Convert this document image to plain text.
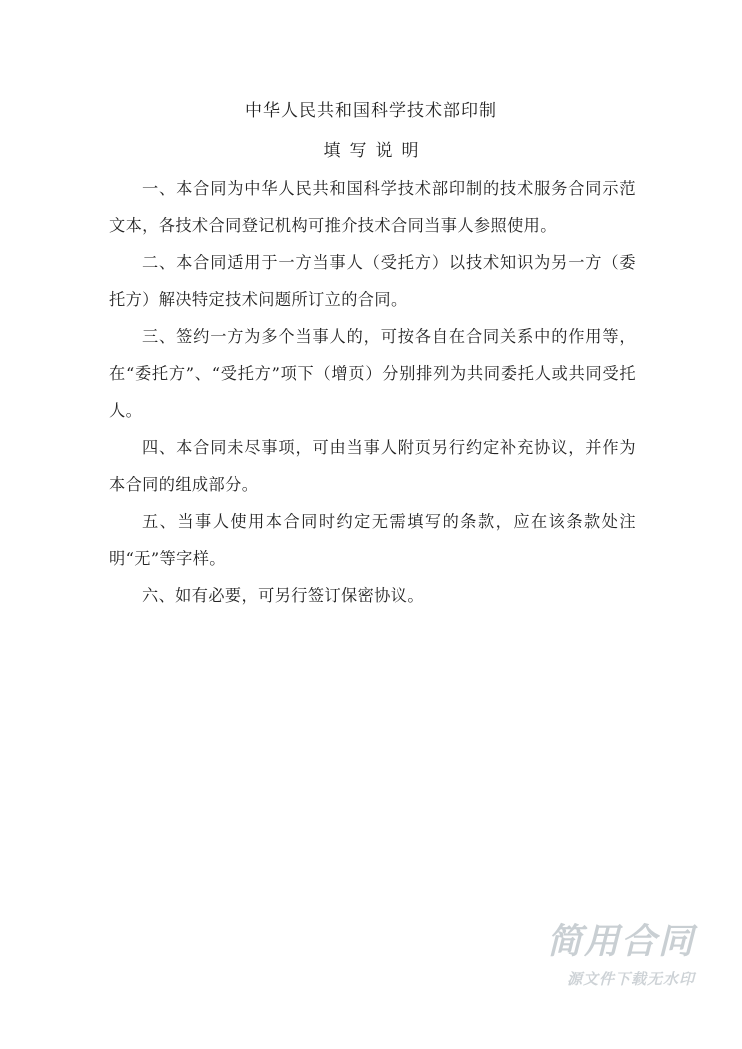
中华人民共和国科学技术部印制
填写说明

一、本合同为中华人民共和国科学技术部印制的技术服务合同示范文本，各技术合同登记机构可推介技术合同当事人参照使用。

二、本合同适用于一方当事人（受托方）以技术知识为另一方（委托方）解决特定技术问题所订立的合同。

三、签约一方为多个当事人的，可按各自在合同关系中的作用等，在“委托方”、“受托方”项下（增页）分别排列为共同委托人或共同受托人。

四、本合同未尽事项，可由当事人附页另行约定补充协议，并作为本合同的组成部分。

五、当事人使用本合同时约定无需填写的条款，应在该条款处注明“无”等字样。

六、如有必要，可另行签订保密协议。

简用合同
源文件下载无水印
